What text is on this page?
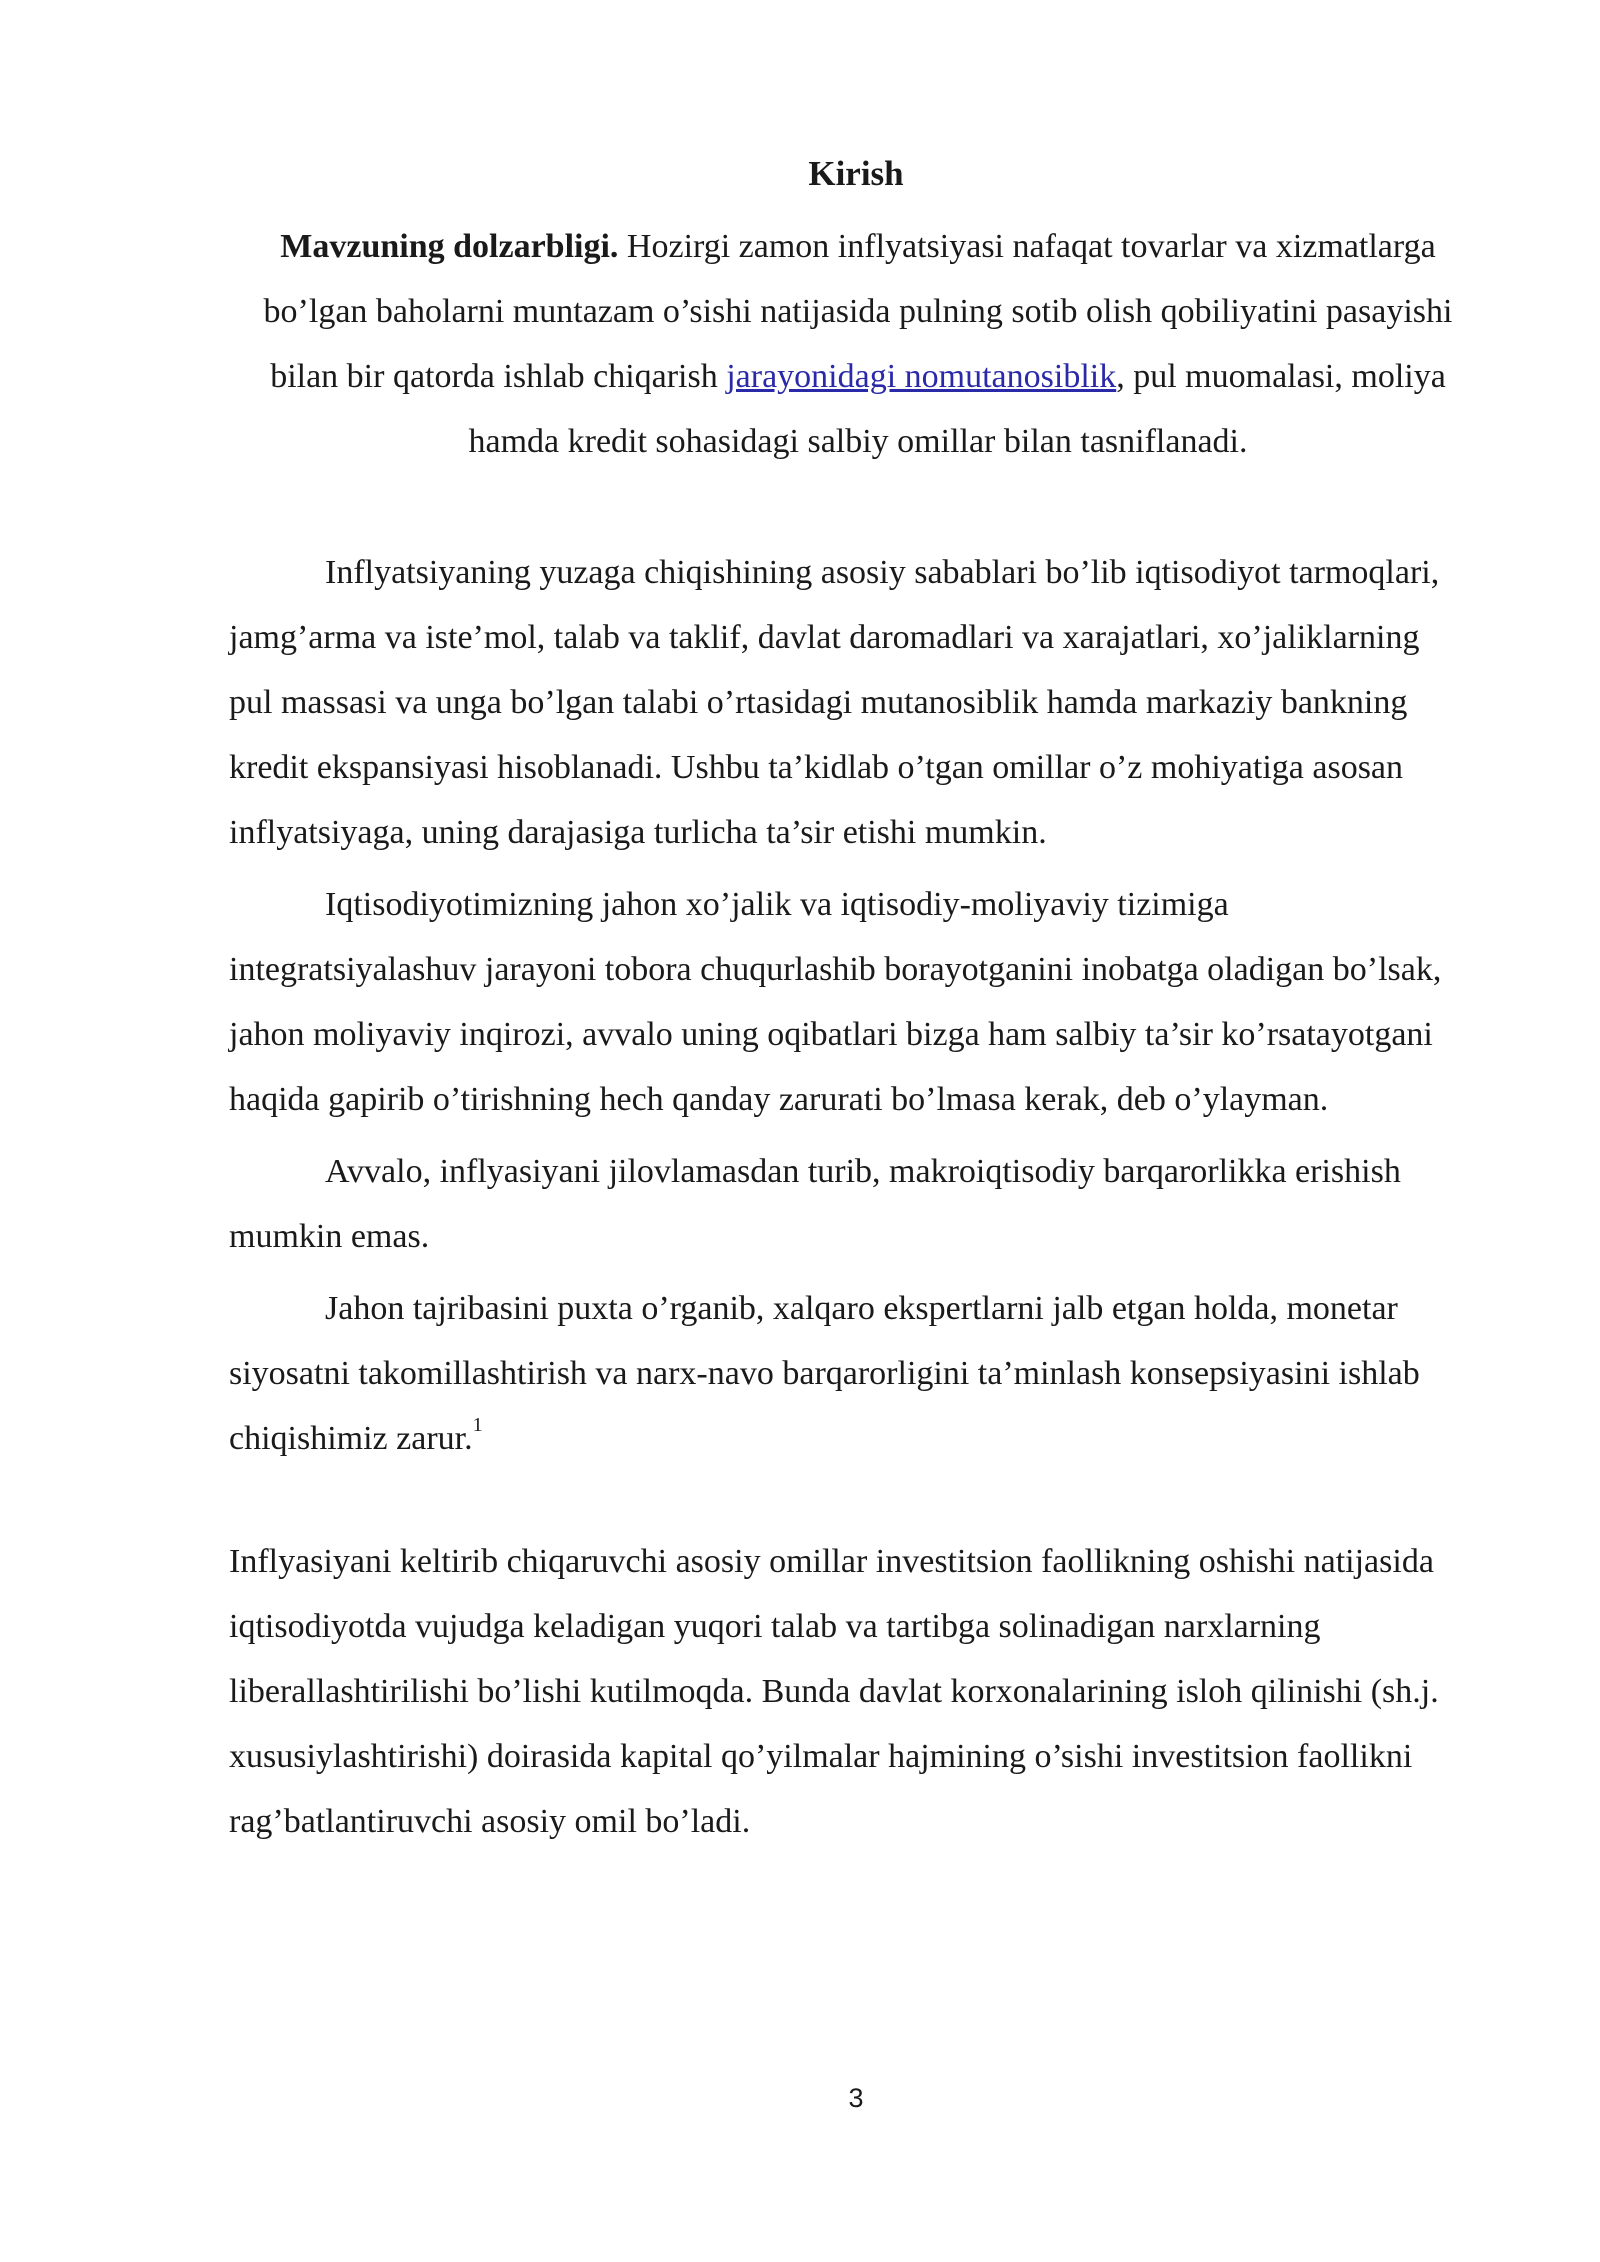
Kirish
Mavzuning dolzarbligi. Hozirgi zamon inflyatsiyasi nafaqat tovarlar va xizmatlarga bo’lgan baholarni muntazam o’sishi natijasida pulning sotib olish qobiliyatini pasayishi bilan bir qatorda ishlab chiqarish jarayonidagi nomutanosiblik, pul muomalasi, moliya hamda kredit sohasidagi salbiy omillar bilan tasniflanadi.

Inflyatsiyaning yuzaga chiqishining asosiy sabablari bo’lib iqtisodiyot tarmoqlari, jamg’arma va iste’mol, talab va taklif, davlat daromadlari va xarajatlari, xo’jaliklarning pul massasi va unga bo’lgan talabi o’rtasidagi mutanosiblik hamda markaziy bankning kredit ekspansiyasi hisoblanadi. Ushbu ta’kidlab o’tgan omillar o’z mohiyatiga asosan inflyatsiyaga, uning darajasiga turlicha ta’sir etishi mumkin.

Iqtisodiyotimizning jahon xo’jalik va iqtisodiy-moliyaviy tizimiga integratsiyalashuv jarayoni tobora chuqurlashib borayotganini inobatga oladigan bo’lsak, jahon moliyaviy inqirozi, avvalo uning oqibatlari bizga ham salbiy ta’sir ko’rsatayotgani haqida gapirib o’tirishning hech qanday zarurati bo’lmasa kerak, deb o’ylayman.

Avvalo, inflyasiyani jilovlamasdan turib, makroiqtisodiy barqarorlikka erishish mumkin emas.

Jahon tajribasini puxta o’rganib, xalqaro ekspertlarni jalb etgan holda, monetar siyosatni takomillashtirish va narx-navo barqarorligini ta’minlash konsepsiyasini ishlab chiqishimiz zarur.$^1$

Inflyasiyani keltirib chiqaruvchi asosiy omillar investitsion faollikning oshishi natijasida iqtisodiyotda vujudga keladigan yuqori talab va tartibga solinadigan narxlarning liberallashtirilishi bo’lishi kutilmoqda. Bunda davlat korxonalarining isloh qilinishi (sh.j. xususiylashtirishi) doirasida kapital qo’yilmalar hajmining o’sishi investitsion faollikni rag’batlantiruvchi asosiy omil bo’ladi.

3
